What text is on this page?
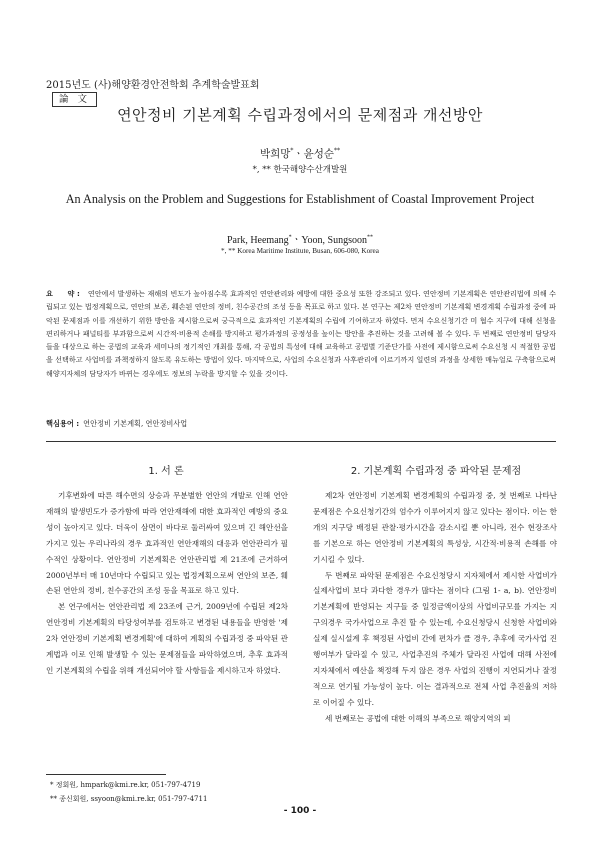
2015년도 (사)해양환경안전학회 추계학술발표회
論 文
연안정비 기본계획 수립과정에서의 문제점과 개선방안
박희망*ㆍ윤성순**
*, ** 한국해양수산개발원
An Analysis on the Problem and Suggestions for Establishment of Coastal Improvement Project
Park, Heemang*ㆍYoon, Sungsoon**
*, ** Korea Maritime Institute, Busan, 606-080, Korea
요　　약 : 연안에서 발생하는 재해의 빈도가 높아짐수록 효과적인 연안관리와 예방에 대한 중요성 또한 강조되고 있다. 연안정비 기본계획은 연안관리법에 의해 수립되고 있는 법정계획으로, 연안의 보존, 훼손된 연안의 정비, 친수공간의 조성 등을 목표로 하고 있다. 본 연구는 제2차 연안정비 기본계획 변경계획 수립과정 중에 파악된 문제점과 이를 개선하기 위한 방안을 제시함으로써 궁극적으로 효과적인 기본계획의 수립에 기여하고자 하였다. 먼저 수요신청기간 미 협수 지구에 대해 신청을 편리하거나 패널티를 부과함으로써 시간적·비용적 손해를 방지하고 평가과정의 공정성을 높이는 방안을 추진하는 것을 고려해 볼 수 있다. 두 번째로 연안정비 담당자들을 대상으로 하는 공법의 교육과 세미나의 정기적인 개최를 통해, 각 공법의 특성에 대해 교육하고 공법별 기준단가를 사전에 제시함으로써 수요신청 시 적절한 공법을 선택하고 사업비를 과책정하지 않도록 유도하는 방법이 있다. 마지막으로, 사업의 수요신청과 사후관리에 이르기까지 일련의 과정을 상세한 매뉴얼로 구축함으로써 해양지자체의 담당자가 바뀌는 경우에도 정보의 누락을 방지할 수 있을 것이다.
핵심용어 : 연안정비 기본계획, 연안정비사업
1. 서 론	2. 기본계획 수립과정 중 파악된 문제점

기후변화에 따른 해수면의 상승과 무분별한 연안의 개발로 인해 연안재해의 발생빈도가 증가함에 따라 연안재해에 대한 효과적인 예방의 중요성이 높아지고 있다. 더욱이 삼면이 바다로 둘러싸여 있으며 긴 해안선을 가지고 있는 우리나라의 경우 효과적인 연안재해의 대응과 연안관리가 필수적인 상황이다. 연안정비 기본계획은 연안관리법 제 21조에 근거하여2000년부터 매 10년마다 수립되고 있는 법정계획으로써 연안의 보존, 훼손된 연안의 정비, 친수공간의 조성 등을 목표로 하고 있다.

본 연구에서는 연안관리법 제 23조에 근거, 2009년에 수립된 제2차 연안정비 기본계획의 타당성여부를 검토하고 변경된 내용들을 반영한 '제2차 연안정비 기본계획 변경계획'에 대하여 계획의 수립과정 중 파악된 관계법과 이로 인해 발생할 수 있는 문제점들을 파악하였으며, 추후 효과적인 기본계획의 수립을 위해 개선되어야 할 사항들을 제시하고자 하였다.

제2차 연안정비 기본계획 변경계획의 수립과정 중, 첫 번째로 나타난 문제점은 수요신청기간의 엄수가 이루어지지 않고 있다는 점이다. 이는 한 개의 지구당 배정된 관찰·평가시간을 감소시킬 뿐 아니라, 전수 현장조사를 기본으로 하는 연안정비 기본계획의 특성상, 시간적·비용적 손해를 야기시킬 수 있다.

두 번째로 파악된 문제점은 수요신청당시 지자체에서 제시한 사업비가 실제사업비 보다 과다한 경우가 많다는 점이다 (그림 1- a, b). 연안정비 기본계획에 반영되는 지구들 중 일정금액이상의 사업비규모를 가지는 지구의경우 국가사업으로 추진 할 수 있는데, 수요신청당시 신청한 사업비와 실제 실시설계 후 책정된 사업비 간에 편차가 클 경우, 추후에 국가사업 진행여부가 달라질 수 있고, 사업추진의 주체가 달라진 사업에 대해 사전에 지자체에서 예산을 책정해 두지 않은 경우 사업의 진행이 지연되거나 잘정적으로 연기될 가능성이 높다. 이는 결과적으로 전체 사업 추진율의 저하로 이어질 수 있다.

세 번째로는 공법에 대한 이해의 부족으로 해양지역의 피

* 정회원, hmpark@kmi.re.kr, 051-797-4719
** 종신회원, ssyoon@kmi.re.kr, 051-797-4711
- 100 -
